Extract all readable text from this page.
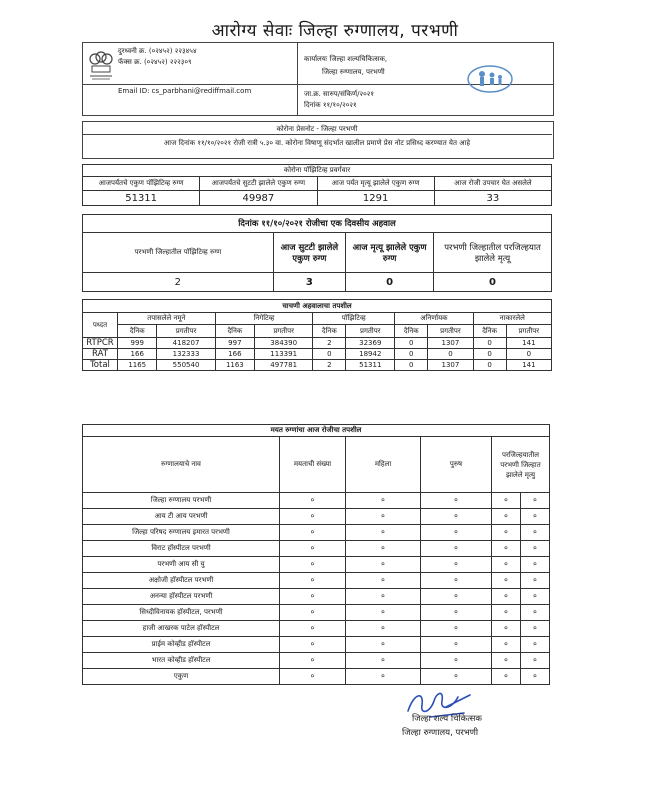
आरोग्य सेवाः जिल्हा रुग्णालय, परभणी
दुरध्वनी क्र. (०२४५२) २२३४५४
फॅक्स क्र. (०२४५२) २२२३०९
Email ID: cs_parbhani@rediffmail.com
कार्यालयः जिल्हा शल्यचिकित्सक,
जिल्हा रुग्णालय, परभणी
जा.क्र. सारुप/संकिर्ण/२०२१
दिनांक ११/१०/२०२१
कोरोना प्रेसनोट - जिल्हा परभणी
आज दिनांक ११/१०/२०२१ रोजी रात्री ५.३० वा. कोरोना विषाणू संदर्भात खालील प्रमाणे प्रेस नोट प्रसिध्द करण्यात येत आहे
कोरोना पॉझिटिव्ह प्रवर्गवार			
आजपर्यंतचे एकुण पॉझिटिव्ह रुग्ण	आजपर्यंतचे सुटटी झालेले एकुण रुग्ण	आज पर्यंत मृत्यू झालेले एकुण रुग्ण	आज रोजी उपचार घेत असलेले
51311	49987	1291	33
दिनांक ११/१०/२०२१ रोजीचा एक दिवसीय अहवाल			
परभणी जिल्हातील पॉझिटिव्ह रुग्ण	आज सुटटी झालेले एकुण रुग्ण	आज मृत्यू झालेले एकुण रुग्ण	परभणी जिल्हातील परजिल्हयात झालेले मृत्यू
2	3	0	0
चाचणी अहवालाचा तपशील										
पध्दत	तपासलेले नमूने		निगेटिव्ह		पॉझिटिव्ह		अनिर्णायक		नाकारलेले	
	दैनिक	प्रगतीपर	दैनिक	प्रगतीपर	दैनिक	प्रगतीपर	दैनिक	प्रगतीपर	दैनिक	प्रगतीपर
RTPCR	999	418207	997	384390	2	32369	0	1307	0	141
RAT	166	132333	166	113391	0	18942	0	0	0	0
Total	1165	550540	1163	497781	2	51311	0	1307	0	141
मयत रुग्णांचा आज रोजीचा तपशील					
रुग्णालयाचे नाव	मयताची संख्या	महिला	पुरुष	परजिल्हयातील परभणी जिल्हात झालेले मृत्यु	
जिल्हा रुग्णालय परभणी	०	०	०	०	०
आय टी आय परभणी	०	०	०	०	०
जिल्हा परिषद रुग्णालय इमारत परभणी	०	०	०	०	०
विराट हॉस्पीटल परभणी	०	०	०	०	०
परभणी आय सी यु	०	०	०	०	०
अक्षोजी हॉस्पीटल परभणी	०	०	०	०	०
अनन्या हॉस्पीटल परभणी	०	०	०	०	०
सिध्दीविनायक हॉस्पीटल, परभणी	०	०	०	०	०
हाजी आखरक पाटेल हॉस्पीटल	०	०	०	०	०
प्राईम कोव्हीड हॉस्पीटल	०	०	०	०	०
भारत कोव्हीड हॉस्पीटल	०	०	०	०	०
एकुण	०	०	०	०	०
जिल्हा शल्य चिकित्सक
जिल्हा रुग्णालय, परभणी
